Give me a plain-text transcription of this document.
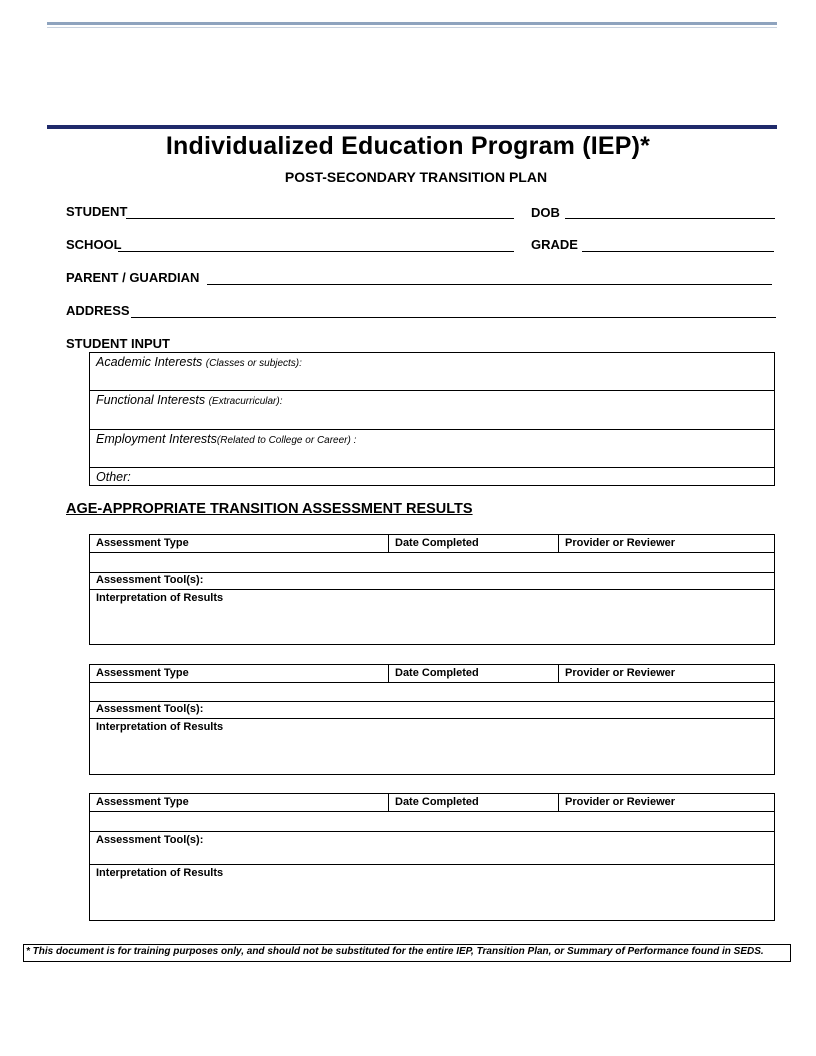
Individualized Education Program (IEP)*
POST-SECONDARY TRANSITION PLAN
STUDENT	DOB
SCHOOL	GRADE
PARENT / GUARDIAN
ADDRESS
STUDENT INPUT
Academic Interests (Classes or subjects):
Functional Interests (Extracurricular):
Employment Interests(Related to College or Career) :
Other:
AGE-APPROPRIATE TRANSITION ASSESSMENT RESULTS
Assessment Type	Date Completed	Provider or Reviewer
Assessment Tool(s):
Interpretation of Results
Assessment Type	Date Completed	Provider or Reviewer
Assessment Tool(s):
Interpretation of Results
Assessment Type	Date Completed	Provider or Reviewer
Assessment Tool(s):
Interpretation of Results
* This document is for training purposes only, and should not be substituted for the entire IEP, Transition Plan, or Summary of Performance found in SEDS.
